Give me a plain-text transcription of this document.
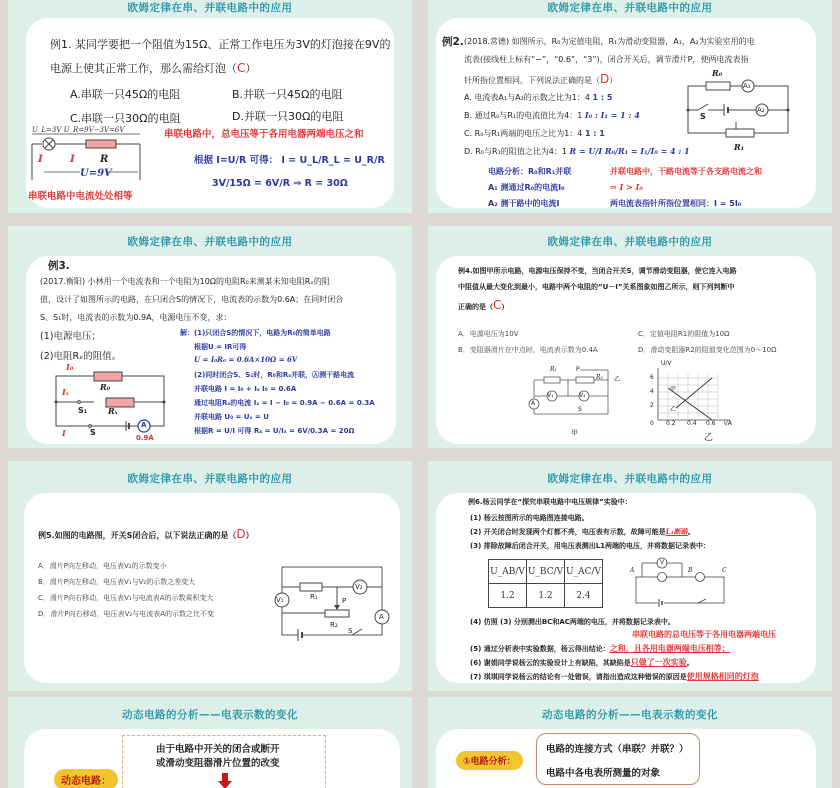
欧姆定律在串、并联电路中的应用
例1. 某同学要把一个阻值为15Ω、正常工作电压为3V的灯泡接在9V的
电源上使其正常工作，那么需给灯泡（C）
A.串联一只45Ω的电阻	B.并联一只45Ω的电阻
C.串联一只30Ω的电阻	D.并联一只30Ω的电阻
U_L=3V U_R=9V−3V=6V
I	I	R
U=9V
串联电路中电流处处相等
串联电路中，总电压等于各用电器两端电压之和
根据 I=U/R 可得： I = U_L/R_L = U_R/R
3V/15Ω = 6V/R ⇒ R = 30Ω
欧姆定律在串、并联电路中的应用
例2. (2018.常德) 如图所示，R₀为定值电阻，R₁为滑动变阻器，A₁，A₂为实验室用的电
流表(接线柱上标有“−”，“0.6”，“3”)，闭合开关后，调节滑片P，使两电流表指
针所指位置相同。下列说法正确的是（D）
A. 电流表A₁与A₂的示数之比为1：4 1 : 5
B. 通过R₀与R₁的电流值比为4：1 I₀ : I₁ = 1 : 4
C. R₀与R₁两端的电压之比为1：4 1 : 1
D. R₀与R₁的阻值之比为4：1 R = U/I R₀/R₁ = I₁/I₀ = 4 : 1
R₀
A₁
S
A₂
R₁
电路分析：R₀和R₁并联
A₁ 测通过R₀的电流I₀
A₂ 测干路中的电流I
并联电路中，干路电流等于各支路电流之和
⇒ I > I₀
两电流表指针所指位置相同：I = 5I₀
欧姆定律在串、并联电路中的应用
例3.
(2017.衡阳) 小林用一个电流表和一个电阻为10Ω的电阻R₀来测某未知电阻Rₓ的阻
值，设计了如图所示的电路，在只闭合S的情况下，电流表的示数为0.6A；在同时闭合
S、S₁时，电流表的示数为0.9A，电源电压不变，求：
(1)电源电压；
(2)电阻Rₓ的阻值。
解：(1)只闭合S的情况下，电路为R₀的简单电路
根据U = IR可得
U = I₀R₀ = 0.6A×10Ω = 6V
(2)同时闭合S、S₁时，R₀和Rₓ并联，Ⓐ测干路电流
并联电路 I = I₀ + Iₓ I₀ = 0.6A
通过电阻Rₓ的电流 Iₓ = I − I₀ = 0.9A − 0.6A = 0.3A
并联电路 U₀ = Uₓ = U
根据R = U/I 可得 Rₓ = U/Iₓ = 6V/0.3A = 20Ω
I₀
R₀
Iₓ
S₁	Rₓ
I	S
A
0.9A
欧姆定律在串、并联电路中的应用
例4.如图甲所示电路，电源电压保持不变，当闭合开关S，调节滑动变阻器，使它连入电路
中阻值从最大变化到最小，电路中两个电阻的“U－I”关系图象如图乙所示，则下列判断中
正确的是（C）
A．电源电压为10V	C．定值电阻R1的阻值为10Ω
B．变阻器滑片在中点时，电流表示数为0.4A	D．滑动变阻器R2的阻值变化范围为0～10Ω
V₁	V₂
A
R₁	P
R₂ 乙
S
甲
U/V
6
4
2
0 0.2 0.4 0.6 I/A
甲
乙
乙
欧姆定律在串、并联电路中的应用
例5.如图的电路图，开关S闭合后，以下说法正确的是（D）
A．滑片P向左移动，电压表V₂的示数变小
B．滑片P向左移动，电压表V₁与V₂的示数之差变大
C．滑片P向右移动，电压表V₁与电流表A的示数乘积变大
D．滑片P向右移动，电压表V₂与电流表A的示数之比不变
V₁	R₁
V₂
P
R₂
S
A
欧姆定律在串、并联电路中的应用
例6.杨云同学在“探究串联电路中电压规律”实验中：
(1) 杨云按图所示的电路图连接电路。
(2) 开关闭合时发现两个灯都不亮，电压表有示数，故障可能是L₁断路。
(3) 排除故障后闭合开关，用电压表测出L1两端的电压，并将数据记录表中：
U_AB/V	U_BC/V	U_AC/V
1.2	1.2	2.4
V
A	B	C
(4) 仿照 (3) 分别测出BC和AC两端的电压，并将数据记录表中。
串联电路的总电压等于各用电器两端电压
(5) 通过分析表中实验数据，杨云得出结论：之和，且各用电器两端电压相等；
(6) 谢娟同学说杨云的实验设计上有缺陷，其缺陷是只做了一次实验。
(7) 琪琪同学说杨云的结论有一处错误，请指出造成这种错误的原因是使用规格相同的灯泡
动态电路的分析——电表示数的变化
由于电路中开关的闭合或断开
或滑动变阻器滑片位置的改变
动态电路：
动态电路的分析——电表示数的变化
①电路分析：
电路的连接方式（串联？并联？）
电路中各电表所测量的对象
